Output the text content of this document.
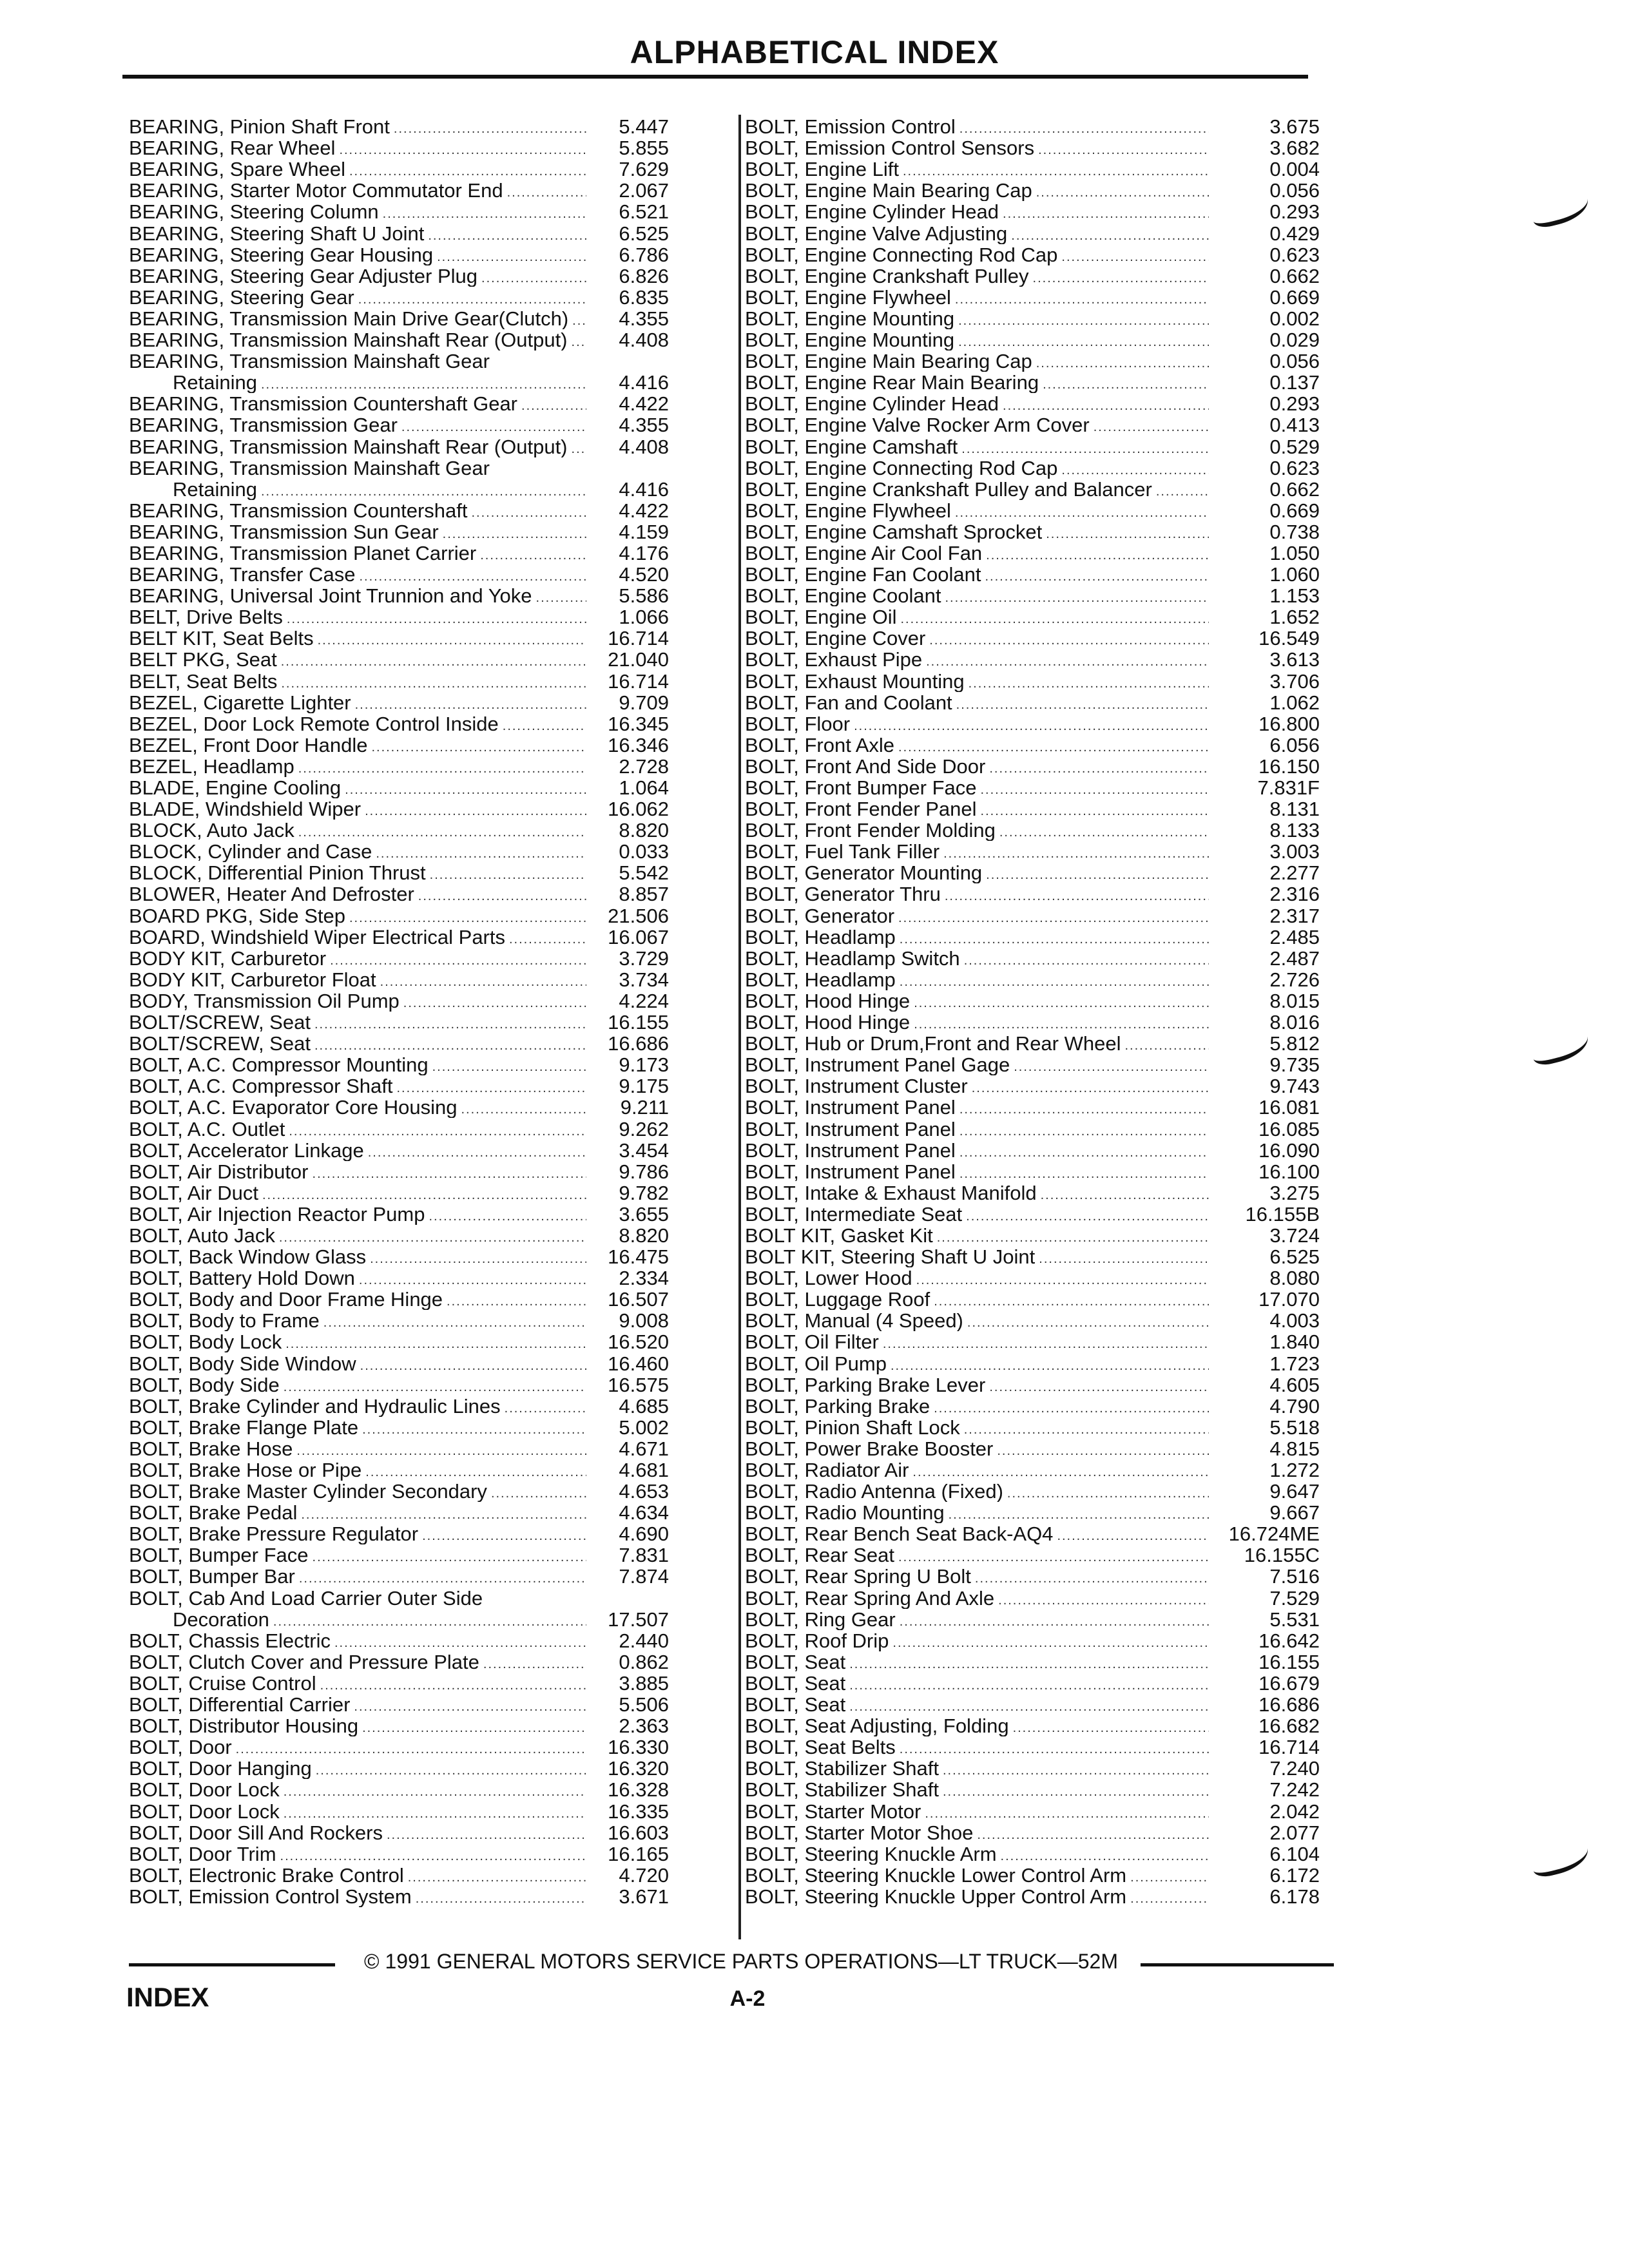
ALPHABETICAL INDEX
BEARING, Pinion Shaft Front .....	5.447
BEARING, Rear Wheel .....	5.855
BEARING, Spare Wheel .....	7.629
BEARING, Starter Motor Commutator End .....	2.067
BEARING, Steering Column .....	6.521
BEARING, Steering Shaft U Joint .....	6.525
BEARING, Steering Gear Housing .....	6.786
BEARING, Steering Gear Adjuster Plug .....	6.826
BEARING, Steering Gear .....	6.835
BEARING, Transmission Main Drive Gear(Clutch) .....	4.355
BEARING, Transmission Mainshaft Rear (Output) .....	4.408
BEARING, Transmission Mainshaft Gear
Retaining .....	4.416
BEARING, Transmission Countershaft Gear .....	4.422
BEARING, Transmission Gear .....	4.355
BEARING, Transmission Mainshaft Rear (Output) .....	4.408
BEARING, Transmission Mainshaft Gear
Retaining .....	4.416
BEARING, Transmission Countershaft .....	4.422
BEARING, Transmission Sun Gear .....	4.159
BEARING, Transmission Planet Carrier .....	4.176
BEARING, Transfer Case .....	4.520
BEARING, Universal Joint Trunnion and Yoke .....	5.586
BELT, Drive Belts .....	1.066
BELT KIT, Seat Belts .....	16.714
BELT PKG, Seat .....	21.040
BELT, Seat Belts .....	16.714
BEZEL, Cigarette Lighter .....	9.709
BEZEL, Door Lock Remote Control Inside .....	16.345
BEZEL, Front Door Handle .....	16.346
BEZEL, Headlamp .....	2.728
BLADE, Engine Cooling .....	1.064
BLADE, Windshield Wiper .....	16.062
BLOCK, Auto Jack .....	8.820
BLOCK, Cylinder and Case .....	0.033
BLOCK, Differential Pinion Thrust .....	5.542
BLOWER, Heater And Defroster .....	8.857
BOARD PKG, Side Step .....	21.506
BOARD, Windshield Wiper Electrical Parts .....	16.067
BODY KIT, Carburetor .....	3.729
BODY KIT, Carburetor Float .....	3.734
BODY, Transmission Oil Pump .....	4.224
BOLT/SCREW, Seat .....	16.155
BOLT/SCREW, Seat .....	16.686
BOLT, A.C. Compressor Mounting .....	9.173
BOLT, A.C. Compressor Shaft .....	9.175
BOLT, A.C. Evaporator Core Housing .....	9.211
BOLT, A.C. Outlet .....	9.262
BOLT, Accelerator Linkage .....	3.454
BOLT, Air Distributor .....	9.786
BOLT, Air Duct .....	9.782
BOLT, Air Injection Reactor Pump .....	3.655
BOLT, Auto Jack .....	8.820
BOLT, Back Window Glass .....	16.475
BOLT, Battery Hold Down .....	2.334
BOLT, Body and Door Frame Hinge .....	16.507
BOLT, Body to Frame .....	9.008
BOLT, Body Lock .....	16.520
BOLT, Body Side Window .....	16.460
BOLT, Body Side .....	16.575
BOLT, Brake Cylinder and Hydraulic Lines .....	4.685
BOLT, Brake Flange Plate .....	5.002
BOLT, Brake Hose .....	4.671
BOLT, Brake Hose or Pipe .....	4.681
BOLT, Brake Master Cylinder Secondary .....	4.653
BOLT, Brake Pedal .....	4.634
BOLT, Brake Pressure Regulator .....	4.690
BOLT, Bumper Face .....	7.831
BOLT, Bumper Bar .....	7.874
BOLT, Cab And Load Carrier Outer Side
Decoration .....	17.507
BOLT, Chassis Electric .....	2.440
BOLT, Clutch Cover and Pressure Plate .....	0.862
BOLT, Cruise Control .....	3.885
BOLT, Differential Carrier .....	5.506
BOLT, Distributor Housing .....	2.363
BOLT, Door .....	16.330
BOLT, Door Hanging .....	16.320
BOLT, Door Lock .....	16.328
BOLT, Door Lock .....	16.335
BOLT, Door Sill And Rockers .....	16.603
BOLT, Door Trim .....	16.165
BOLT, Electronic Brake Control .....	4.720
BOLT, Emission Control System .....	3.671
BOLT, Emission Control .....	3.675
BOLT, Emission Control Sensors .....	3.682
BOLT, Engine Lift .....	0.004
BOLT, Engine Main Bearing Cap .....	0.056
BOLT, Engine Cylinder Head .....	0.293
BOLT, Engine Valve Adjusting .....	0.429
BOLT, Engine Connecting Rod Cap .....	0.623
BOLT, Engine Crankshaft Pulley .....	0.662
BOLT, Engine Flywheel .....	0.669
BOLT, Engine Mounting .....	0.002
BOLT, Engine Mounting .....	0.029
BOLT, Engine Main Bearing Cap .....	0.056
BOLT, Engine Rear Main Bearing .....	0.137
BOLT, Engine Cylinder Head .....	0.293
BOLT, Engine Valve Rocker Arm Cover .....	0.413
BOLT, Engine Camshaft .....	0.529
BOLT, Engine Connecting Rod Cap .....	0.623
BOLT, Engine Crankshaft Pulley and Balancer .....	0.662
BOLT, Engine Flywheel .....	0.669
BOLT, Engine Camshaft Sprocket .....	0.738
BOLT, Engine Air Cool Fan .....	1.050
BOLT, Engine Fan Coolant .....	1.060
BOLT, Engine Coolant .....	1.153
BOLT, Engine Oil .....	1.652
BOLT, Engine Cover .....	16.549
BOLT, Exhaust Pipe .....	3.613
BOLT, Exhaust Mounting .....	3.706
BOLT, Fan and Coolant .....	1.062
BOLT, Floor .....	16.800
BOLT, Front Axle .....	6.056
BOLT, Front And Side Door .....	16.150
BOLT, Front Bumper Face .....	7.831F
BOLT, Front Fender Panel .....	8.131
BOLT, Front Fender Molding .....	8.133
BOLT, Fuel Tank Filler .....	3.003
BOLT, Generator Mounting .....	2.277
BOLT, Generator Thru .....	2.316
BOLT, Generator .....	2.317
BOLT, Headlamp .....	2.485
BOLT, Headlamp Switch .....	2.487
BOLT, Headlamp .....	2.726
BOLT, Hood Hinge .....	8.015
BOLT, Hood Hinge .....	8.016
BOLT, Hub or Drum,Front and Rear Wheel .....	5.812
BOLT, Instrument Panel Gage .....	9.735
BOLT, Instrument Cluster .....	9.743
BOLT, Instrument Panel .....	16.081
BOLT, Instrument Panel .....	16.085
BOLT, Instrument Panel .....	16.090
BOLT, Instrument Panel .....	16.100
BOLT, Intake & Exhaust Manifold .....	3.275
BOLT, Intermediate Seat .....	16.155B
BOLT KIT, Gasket Kit .....	3.724
BOLT KIT, Steering Shaft U Joint .....	6.525
BOLT, Lower Hood .....	8.080
BOLT, Luggage Roof .....	17.070
BOLT, Manual (4 Speed) .....	4.003
BOLT, Oil Filter .....	1.840
BOLT, Oil Pump .....	1.723
BOLT, Parking Brake Lever .....	4.605
BOLT, Parking Brake .....	4.790
BOLT, Pinion Shaft Lock .....	5.518
BOLT, Power Brake Booster .....	4.815
BOLT, Radiator Air .....	1.272
BOLT, Radio Antenna (Fixed) .....	9.647
BOLT, Radio Mounting .....	9.667
BOLT, Rear Bench Seat Back-AQ4 .....	16.724ME
BOLT, Rear Seat .....	16.155C
BOLT, Rear Spring U Bolt .....	7.516
BOLT, Rear Spring And Axle .....	7.529
BOLT, Ring Gear .....	5.531
BOLT, Roof Drip .....	16.642
BOLT, Seat .....	16.155
BOLT, Seat .....	16.679
BOLT, Seat .....	16.686
BOLT, Seat Adjusting, Folding .....	16.682
BOLT, Seat Belts .....	16.714
BOLT, Stabilizer Shaft .....	7.240
BOLT, Stabilizer Shaft .....	7.242
BOLT, Starter Motor .....	2.042
BOLT, Starter Motor Shoe .....	2.077
BOLT, Steering Knuckle Arm .....	6.104
BOLT, Steering Knuckle Lower Control Arm .....	6.172
BOLT, Steering Knuckle Upper Control Arm .....	6.178
© 1991 GENERAL MOTORS SERVICE PARTS OPERATIONS—LT TRUCK—52M
INDEX	A-2
